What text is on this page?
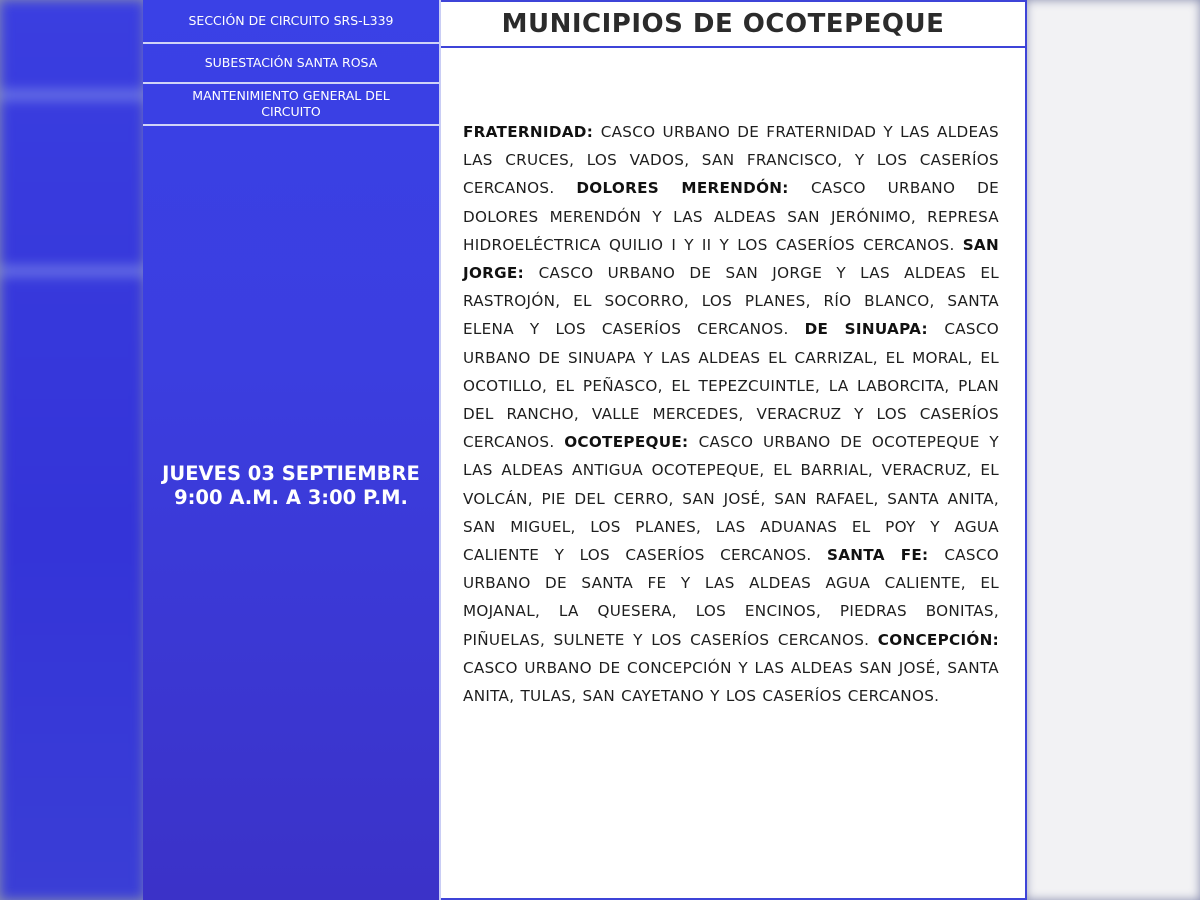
SECCIÓN DE CIRCUITO SRS-L339
SUBESTACIÓN SANTA ROSA
MANTENIMIENTO GENERAL DEL CIRCUITO
JUEVES 03 SEPTIEMBRE
9:00 A.M. A 3:00 P.M.
MUNICIPIOS DE OCOTEPEQUE
FRATERNIDAD: CASCO URBANO DE FRATERNIDAD Y LAS ALDEAS LAS CRUCES, LOS VADOS, SAN FRANCISCO, Y LOS CASERÍOS CERCANOS. DOLORES MERENDÓN: CASCO URBANO DE DOLORES MERENDÓN Y LAS ALDEAS SAN JERÓNIMO, REPRESA HIDROELÉCTRICA QUILIO I Y II Y LOS CASERÍOS CERCANOS. SAN JORGE: CASCO URBANO DE SAN JORGE Y LAS ALDEAS EL RASTROJÓN, EL SOCORRO, LOS PLANES, RÍO BLANCO, SANTA ELENA Y LOS CASERÍOS CERCANOS. DE SINUAPA: CASCO URBANO DE SINUAPA Y LAS ALDEAS EL CARRIZAL, EL MORAL, EL OCOTILLO, EL PEÑASCO, EL TEPEZCUINTLE, LA LABORCITA, PLAN DEL RANCHO, VALLE MERCEDES, VERACRUZ Y LOS CASERÍOS CERCANOS. OCOTEPEQUE: CASCO URBANO DE OCOTEPEQUE Y LAS ALDEAS ANTIGUA OCOTEPEQUE, EL BARRIAL, VERACRUZ, EL VOLCÁN, PIE DEL CERRO, SAN JOSÉ, SAN RAFAEL, SANTA ANITA, SAN MIGUEL, LOS PLANES, LAS ADUANAS EL POY Y AGUA CALIENTE Y LOS CASERÍOS CERCANOS. SANTA FE: CASCO URBANO DE SANTA FE Y LAS ALDEAS AGUA CALIENTE, EL MOJANAL, LA QUESERA, LOS ENCINOS, PIEDRAS BONITAS, PIÑUELAS, SULNETE Y LOS CASERÍOS CERCANOS. CONCEPCIÓN: CASCO URBANO DE CONCEPCIÓN Y LAS ALDEAS SAN JOSÉ, SANTA ANITA, TULAS, SAN CAYETANO Y LOS CASERÍOS CERCANOS.
